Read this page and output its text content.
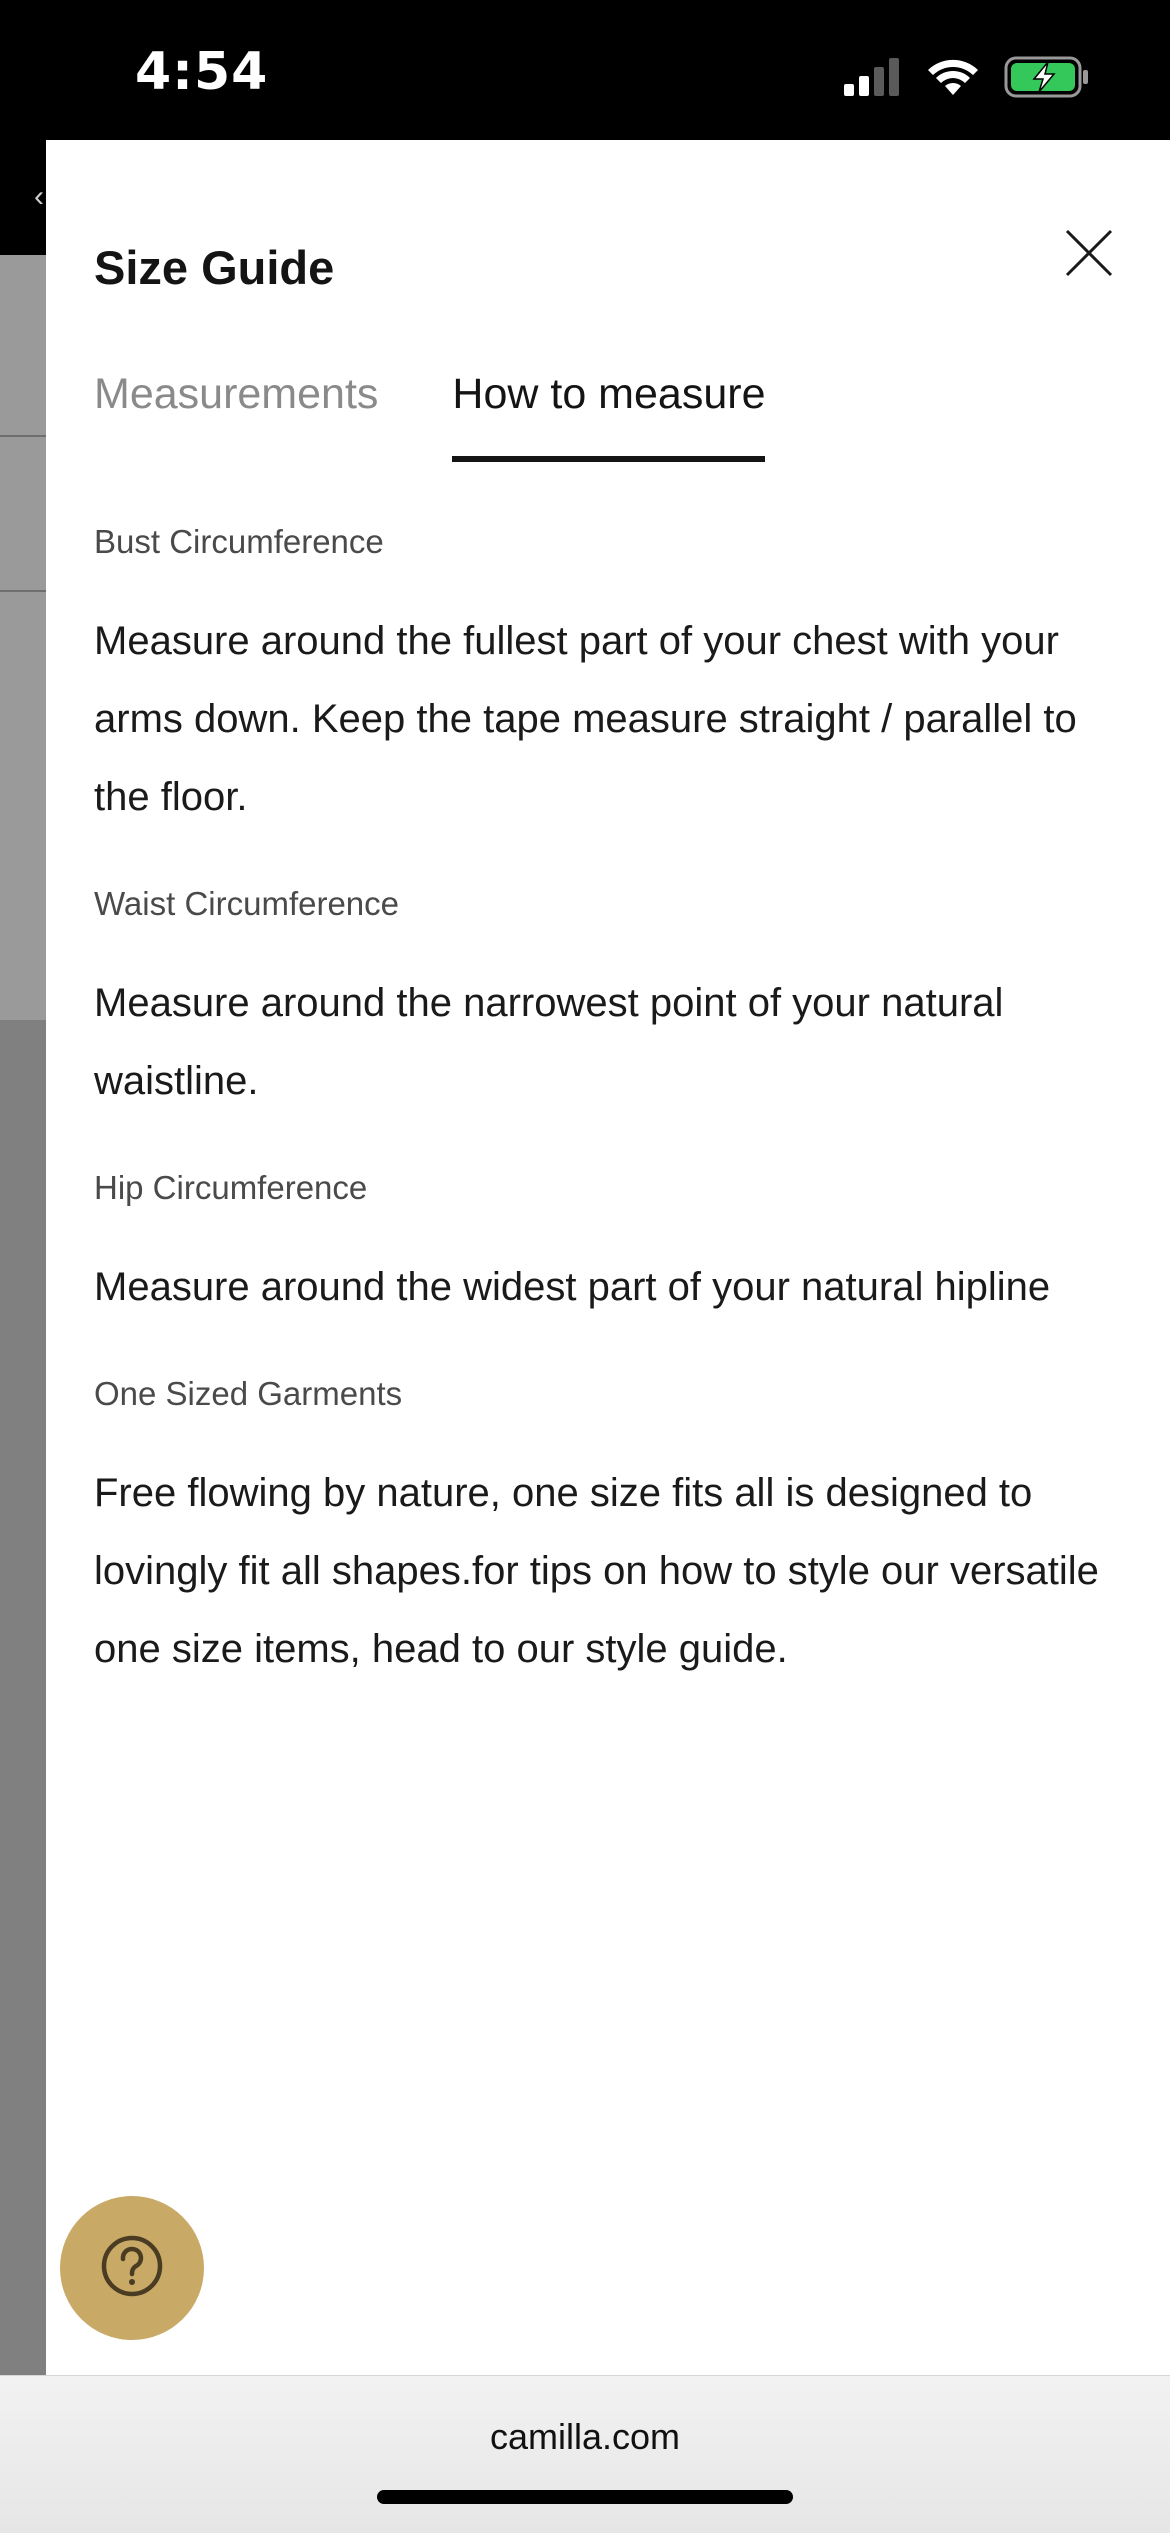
4:54
‹
Size Guide
Measurements How to measure

Bust Circumference

Measure around the fullest part of your chest with your arms down. Keep the tape measure straight / parallel to the floor.

Waist Circumference

Measure around the narrowest point of your natural waistline.

Hip Circumference

Measure around the widest part of your natural hipline

One Sized Garments

Free flowing by nature, one size fits all is designed to lovingly fit all shapes.for tips on how to style our versatile one size items, head to our style guide.

camilla.com
